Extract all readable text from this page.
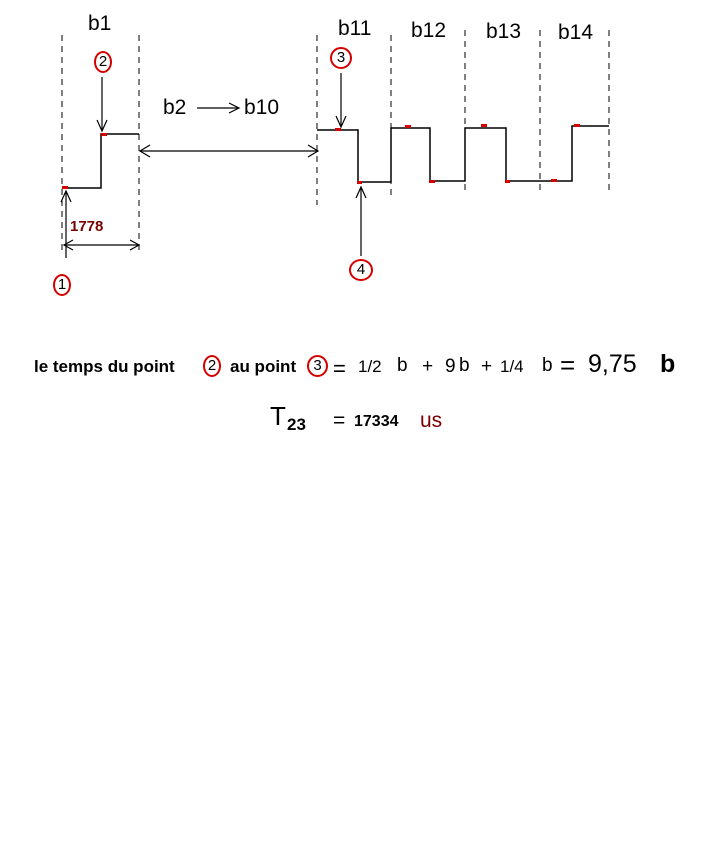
b1
b2	b10
b11 b12 b13 b14
1778
2
1
3
4
le temps du point	2 au point	3 = 1/2 b + 9 b + 1/4 b = 9,75 b
T 23 = 17334 us
